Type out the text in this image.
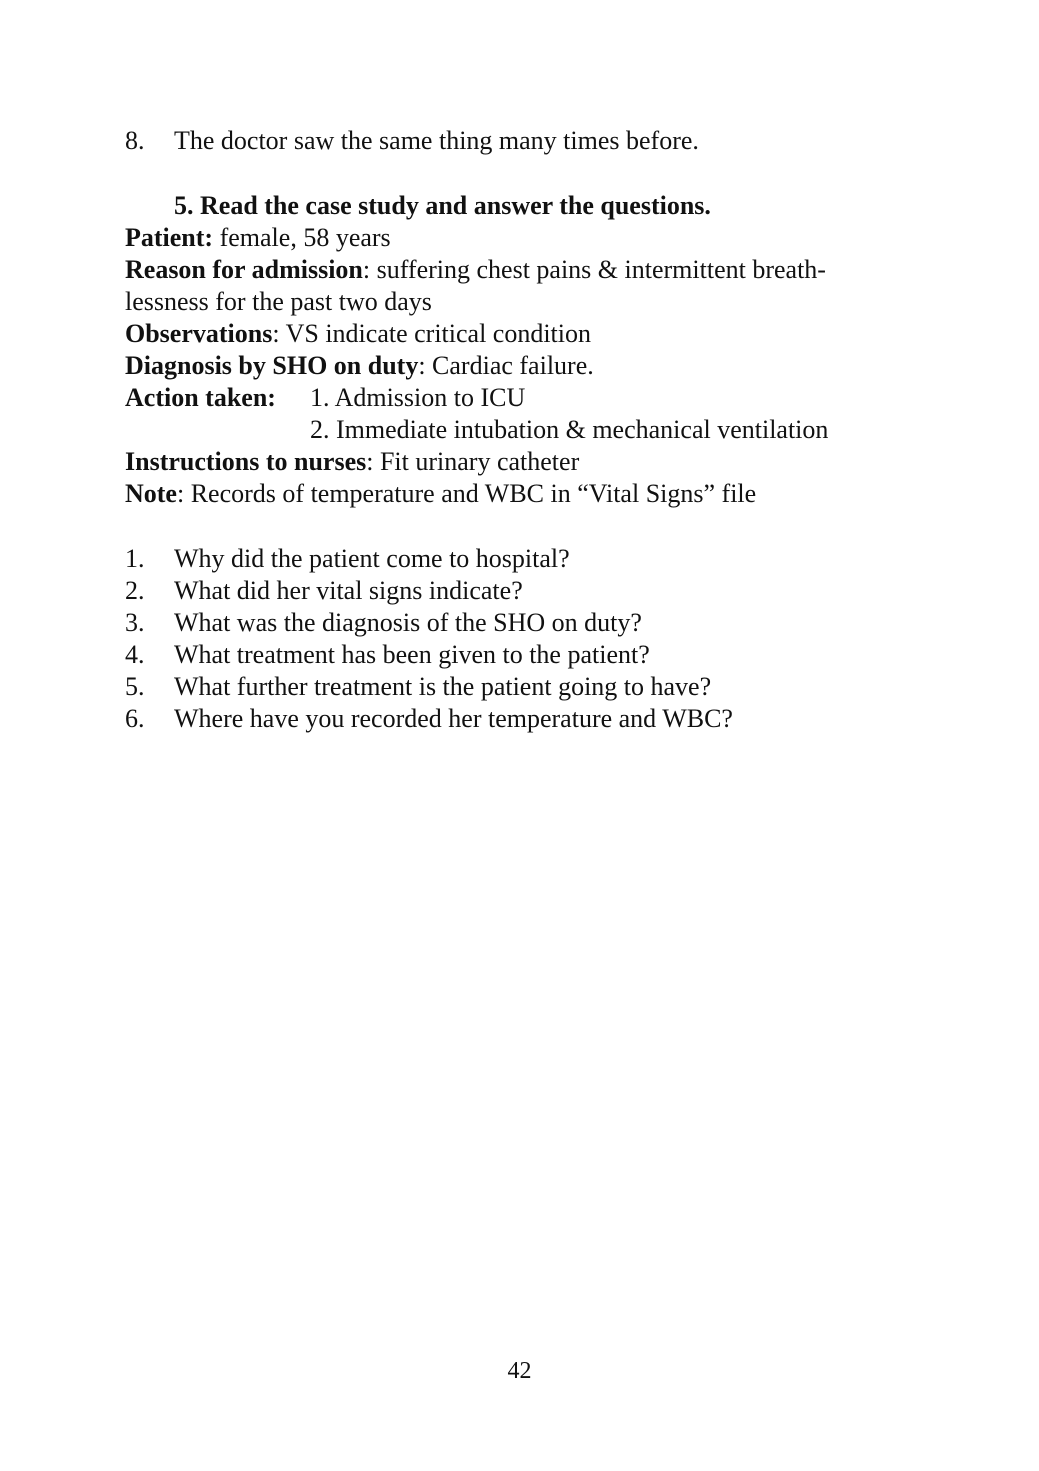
8. The doctor saw the same thing many times before.
5. Read the case study and answer the questions.
Patient: female, 58 years
Reason for admission: suffering chest pains & intermittent breath-
lessness for the past two days
Observations: VS indicate critical condition
Diagnosis by SHO on duty: Cardiac failure.
Action taken: 1. Admission to ICU
2. Immediate intubation & mechanical ventilation
Instructions to nurses: Fit urinary catheter
Note: Records of temperature and WBC in “Vital Signs” file
1. Why did the patient come to hospital?
2. What did her vital signs indicate?
3. What was the diagnosis of the SHO on duty?
4. What treatment has been given to the patient?
5. What further treatment is the patient going to have?
6. Where have you recorded her temperature and WBC?
42
